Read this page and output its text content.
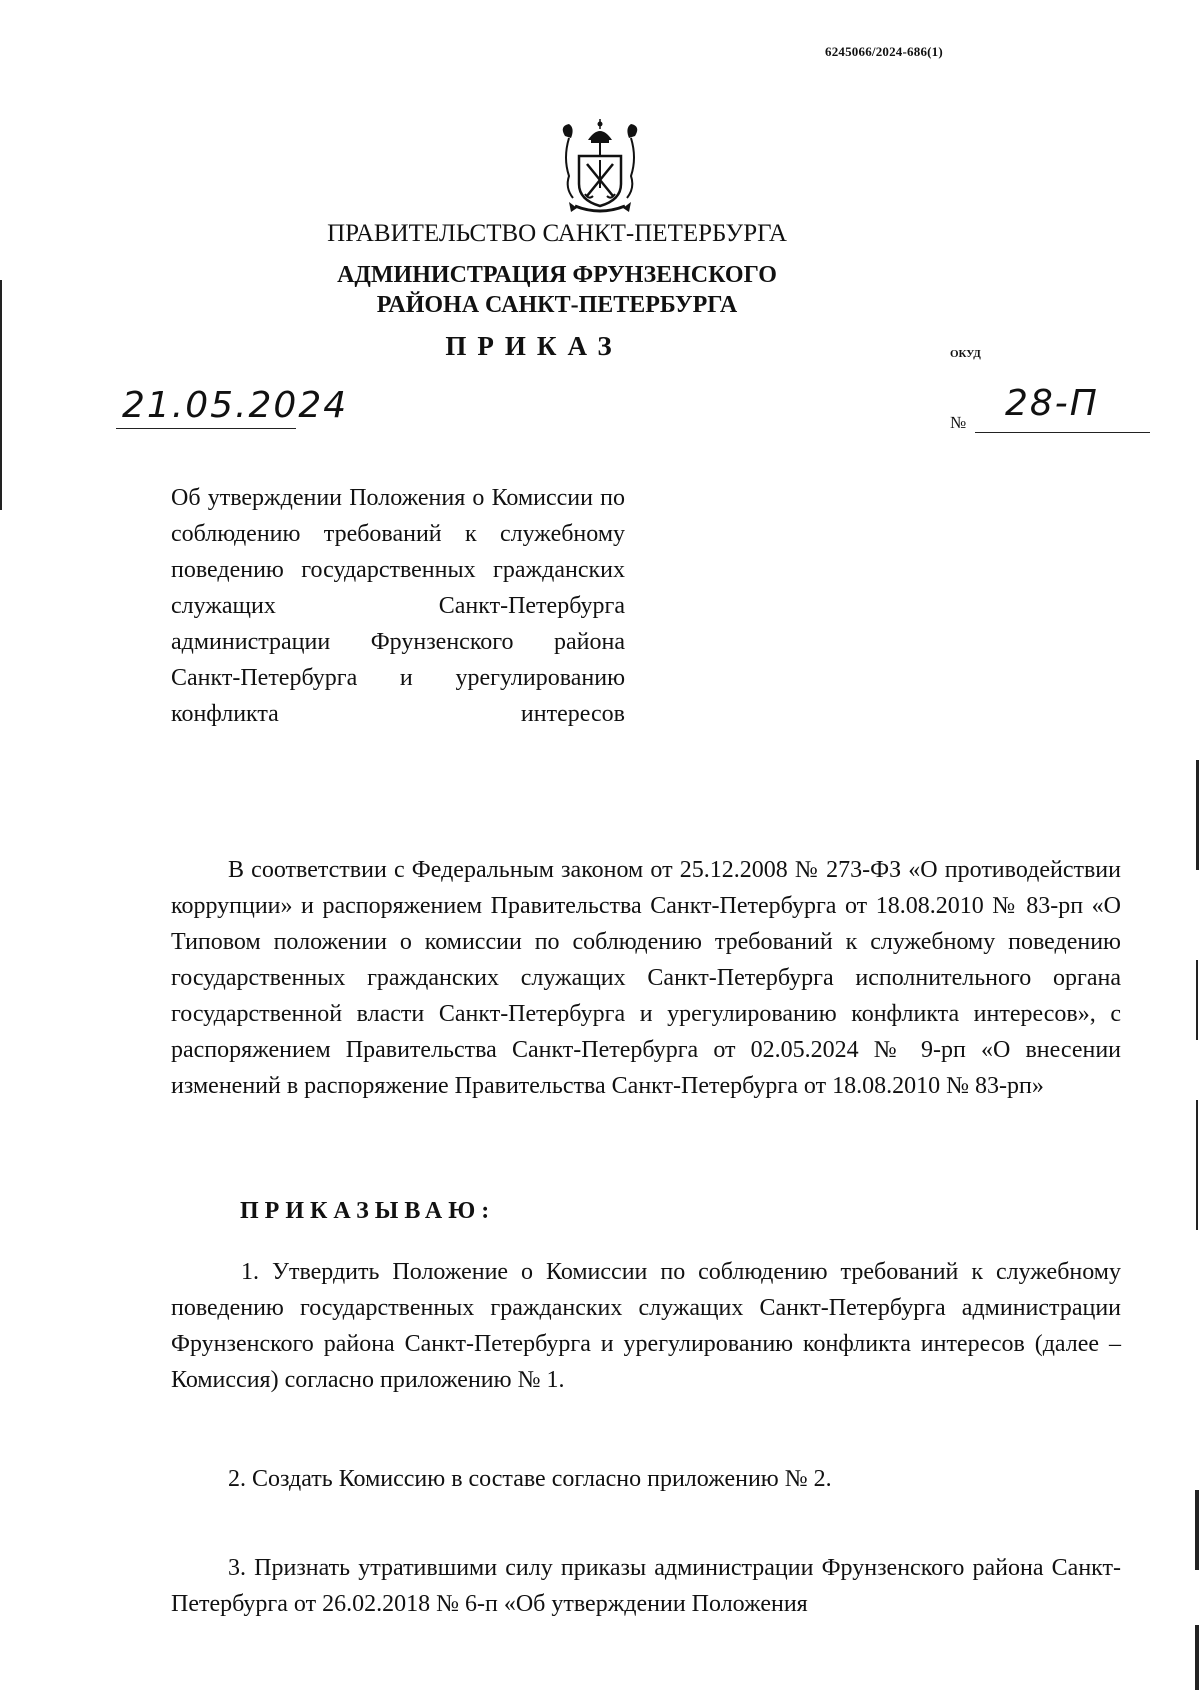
6245066/2024-686(1)
ПРАВИТЕЛЬСТВО САНКТ-ПЕТЕРБУРГА
АДМИНИСТРАЦИЯ ФРУНЗЕНСКОГО
РАЙОНА САНКТ-ПЕТЕРБУРГА
ПРИКАЗ	ОКУД
21.05.2024	№ 28-П
Об утверждении Положения о Комиссии по соблюдению требований к служебному поведению государственных гражданских служащих Санкт-Петербурга администрации Фрунзенского района Санкт-Петербурга и урегулированию конфликта интересов

В соответствии с Федеральным законом от 25.12.2008 № 273-ФЗ «О противодействии коррупции» и распоряжением Правительства Санкт-Петербурга от 18.08.2010 № 83-рп «О Типовом положении о комиссии по соблюдению требований к служебному поведению государственных гражданских служащих Санкт-Петербурга исполнительного органа государственной власти Санкт-Петербурга и урегулированию конфликта интересов», с распоряжением Правительства Санкт-Петербурга от 02.05.2024 № 9-рп «О внесении изменений в распоряжение Правительства Санкт-Петербурга от 18.08.2010 № 83-рп»

ПРИКАЗЫВАЮ:

1. Утвердить Положение о Комиссии по соблюдению требований к служебному поведению государственных гражданских служащих Санкт-Петербурга администрации Фрунзенского района Санкт-Петербурга и урегулированию конфликта интересов (далее – Комиссия) согласно приложению № 1.

2. Создать Комиссию в составе согласно приложению № 2.

3. Признать утратившими силу приказы администрации Фрунзенского района Санкт-Петербурга от 26.02.2018 № 6-п «Об утверждении Положения
